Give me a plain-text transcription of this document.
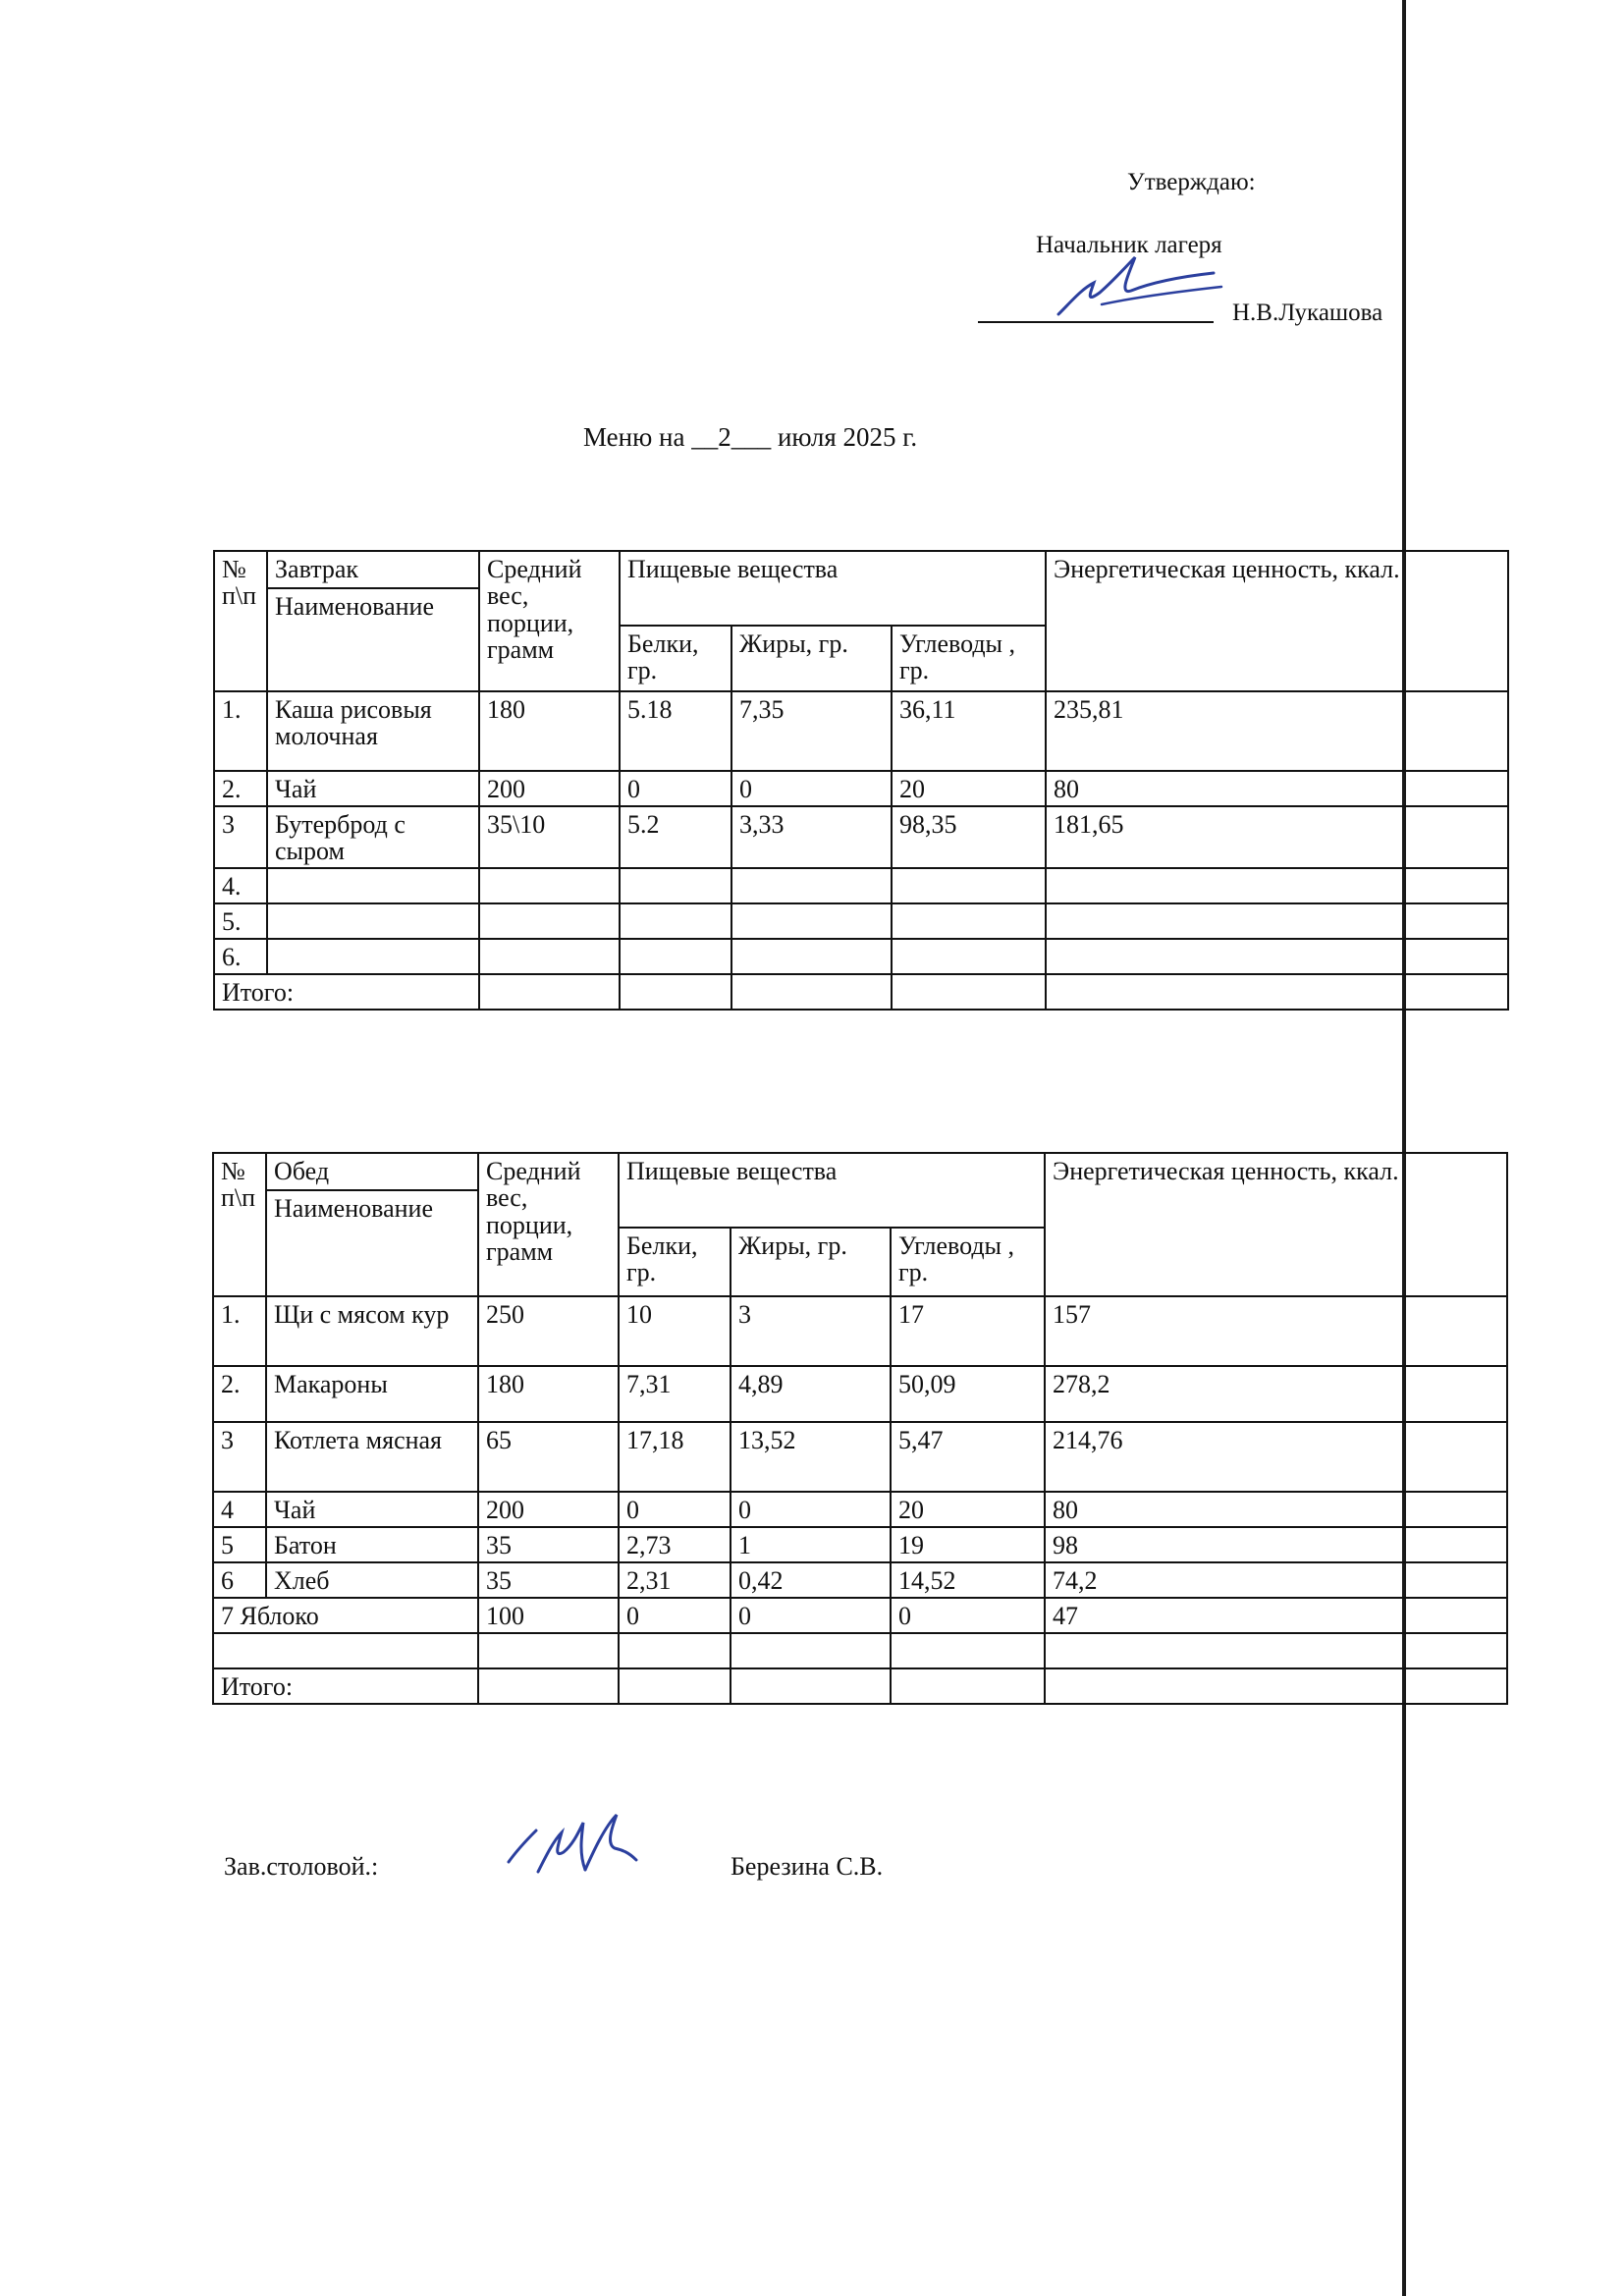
Утверждаю:
Начальник лагеря
Н.В.Лукашова
Меню на __2___ июля 2025 г.
№ п\п	Завтрак	Средний вес, порции, грамм	Пищевые вещества			Энергетическая ценность, ккал.
	Наименование					
			Белки, гр.	Жиры, гр.	Углеводы , гр.	
1.	Каша рисовыя молочная	180	5.18	7,35	36,11	235,81
2.	Чай	200	0	0	20	80
3	Бутерброд с сыром	35\10	5.2	3,33	98,35	181,65
4.						
5.						
6.						
Итого:						
№ п\п	Обед	Средний вес, порции, грамм	Пищевые вещества			Энергетическая ценность, ккал.
	Наименование					
			Белки, гр.	Жиры, гр.	Углеводы , гр.	
1.	Щи с мясом кур	250	10	3	17	157
2.	Макароны	180	7,31	4,89	50,09	278,2
3	Котлета мясная	65	17,18	13,52	5,47	214,76
4	Чай	200	0	0	20	80
5	Батон	35	2,73	1	19	98
6	Хлеб	35	2,31	0,42	14,52	74,2
7 Яблоко		100	0	0	0	47

Итого:						
Зав.столовой.:	Березина С.В.
